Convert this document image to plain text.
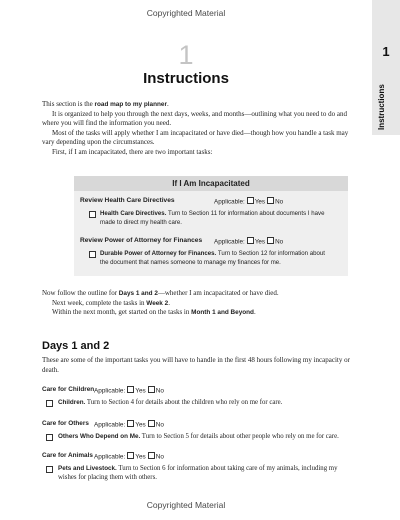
Copyrighted Material
1
Instructions
1
Instructions

This section is the road map to my planner.

It is organized to help you through the next days, weeks, and months—outlining what you need to do and where you will find the information you need.

Most of the tasks will apply whether I am incapacitated or have died—though how you handle a task may vary depending upon the circumstances.

First, if I am incapacitated, there are two important tasks:

If I Am Incapacitated
Review Health Care Directives	Applicable: Yes No
Health Care Directives. Turn to Section 11 for information about documents I have made to direct my health care.
Review Power of Attorney for Finances Applicable: Yes No
Durable Power of Attorney for Finances. Turn to Section 12 for information about the document that names someone to manage my finances for me.

Now follow the outline for Days 1 and 2—whether I am incapacitated or have died.

Next week, complete the tasks in Week 2.

Within the next month, get started on the tasks in Month 1 and Beyond.

Days 1 and 2
These are some of the important tasks you will have to handle in the first 48 hours following my incapacity or death.
Care for Children Applicable: Yes No
Children. Turn to Section 4 for details about the children who rely on me for care.
Care for Others Applicable: Yes No
Others Who Depend on Me. Turn to Section 5 for details about other people who rely on me for care.
Care for Animals Applicable: Yes No
Pets and Livestock. Turn to Section 6 for information about taking care of my animals, including my wishes for placing them with others.
Copyrighted Material
